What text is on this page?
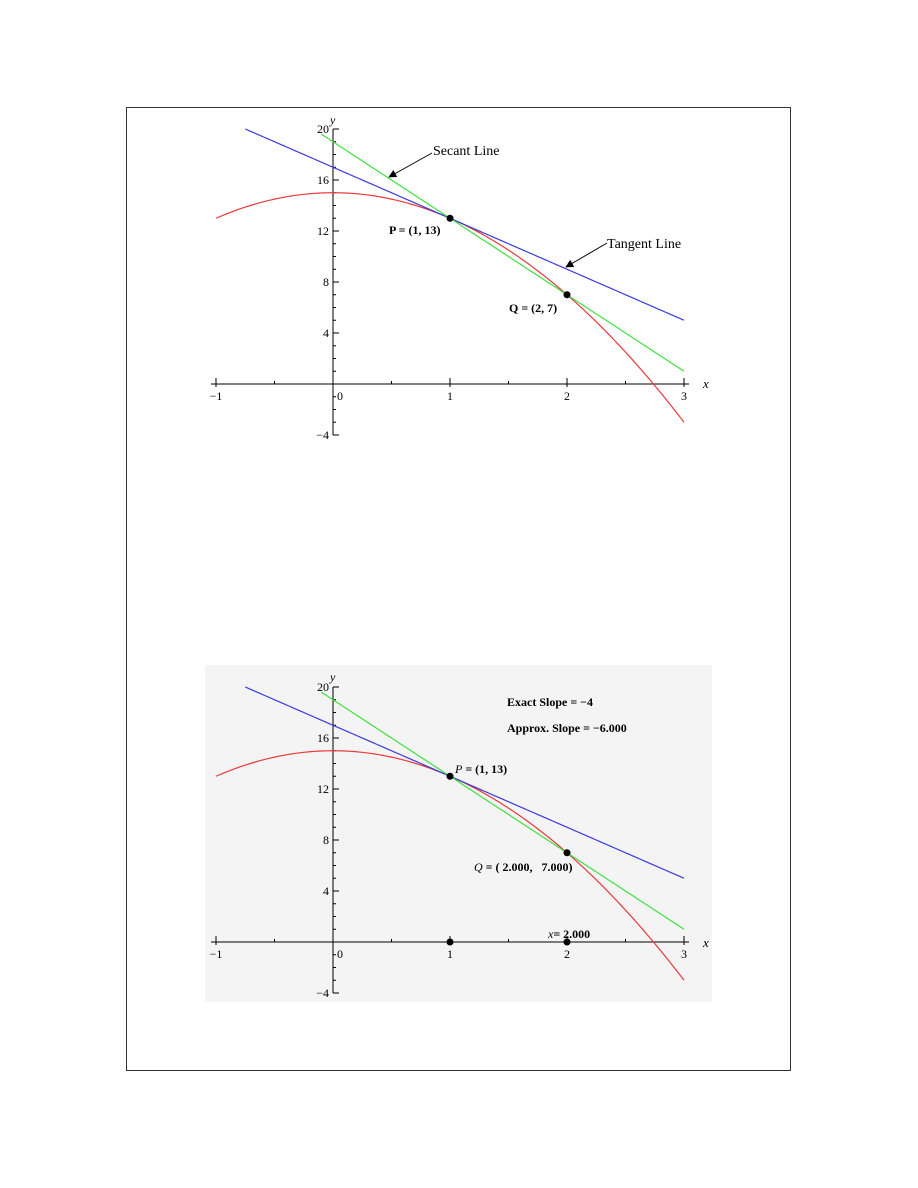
−1	0	1	2	3
−4
4
8
12
16
20
y
x
P = (1, 13)
Q = (2, 7)
Secant Line
Tangent Line
−1	0	1	2	3
−4
4
8
12
16
20
y
x
Exact Slope = −4
Approx. Slope = −6.000
P = (1, 13)
Q = ( 2.000,   7.000)
x= 2.000
